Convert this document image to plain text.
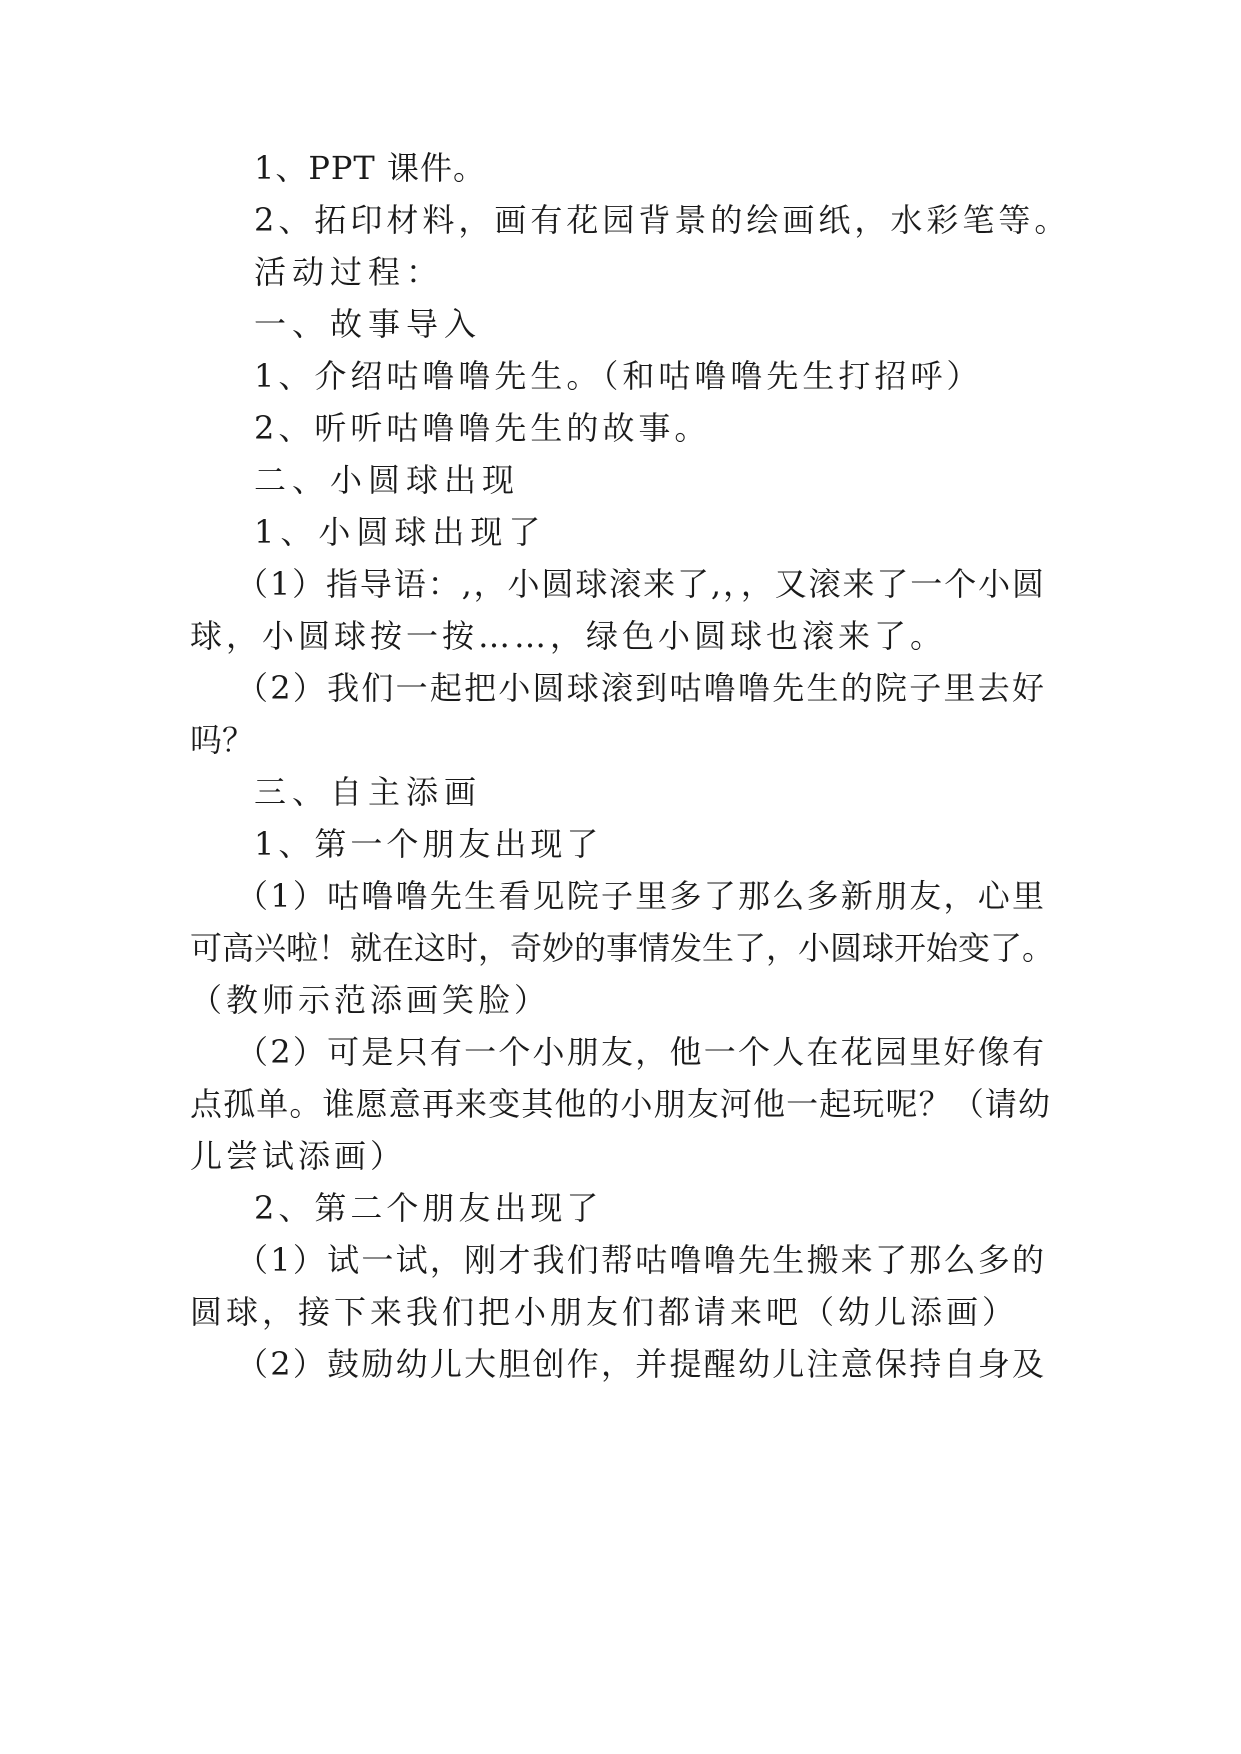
1、PPT 课件。
2、拓印材料，画有花园背景的绘画纸，水彩笔等。
活动过程：
一、故事导入
1、介绍咕噜噜先生。（和咕噜噜先生打招呼）
2、听听咕噜噜先生的故事。
二、小圆球出现
1、小圆球出现了
（1）指导语：,，小圆球滚来了,，，又滚来了一个小圆
球，小圆球按一按……，绿色小圆球也滚来了。
（2）我们一起把小圆球滚到咕噜噜先生的院子里去好
吗？
三、自主添画
1、第一个朋友出现了
（1）咕噜噜先生看见院子里多了那么多新朋友，心里
可高兴啦！就在这时，奇妙的事情发生了，小圆球开始变了。
（教师示范添画笑脸）
（2）可是只有一个小朋友，他一个人在花园里好像有
点孤单。谁愿意再来变其他的小朋友河他一起玩呢？（请幼
儿尝试添画）
2、第二个朋友出现了
（1）试一试，刚才我们帮咕噜噜先生搬来了那么多的
圆球，接下来我们把小朋友们都请来吧（幼儿添画）
（2）鼓励幼儿大胆创作，并提醒幼儿注意保持自身及
